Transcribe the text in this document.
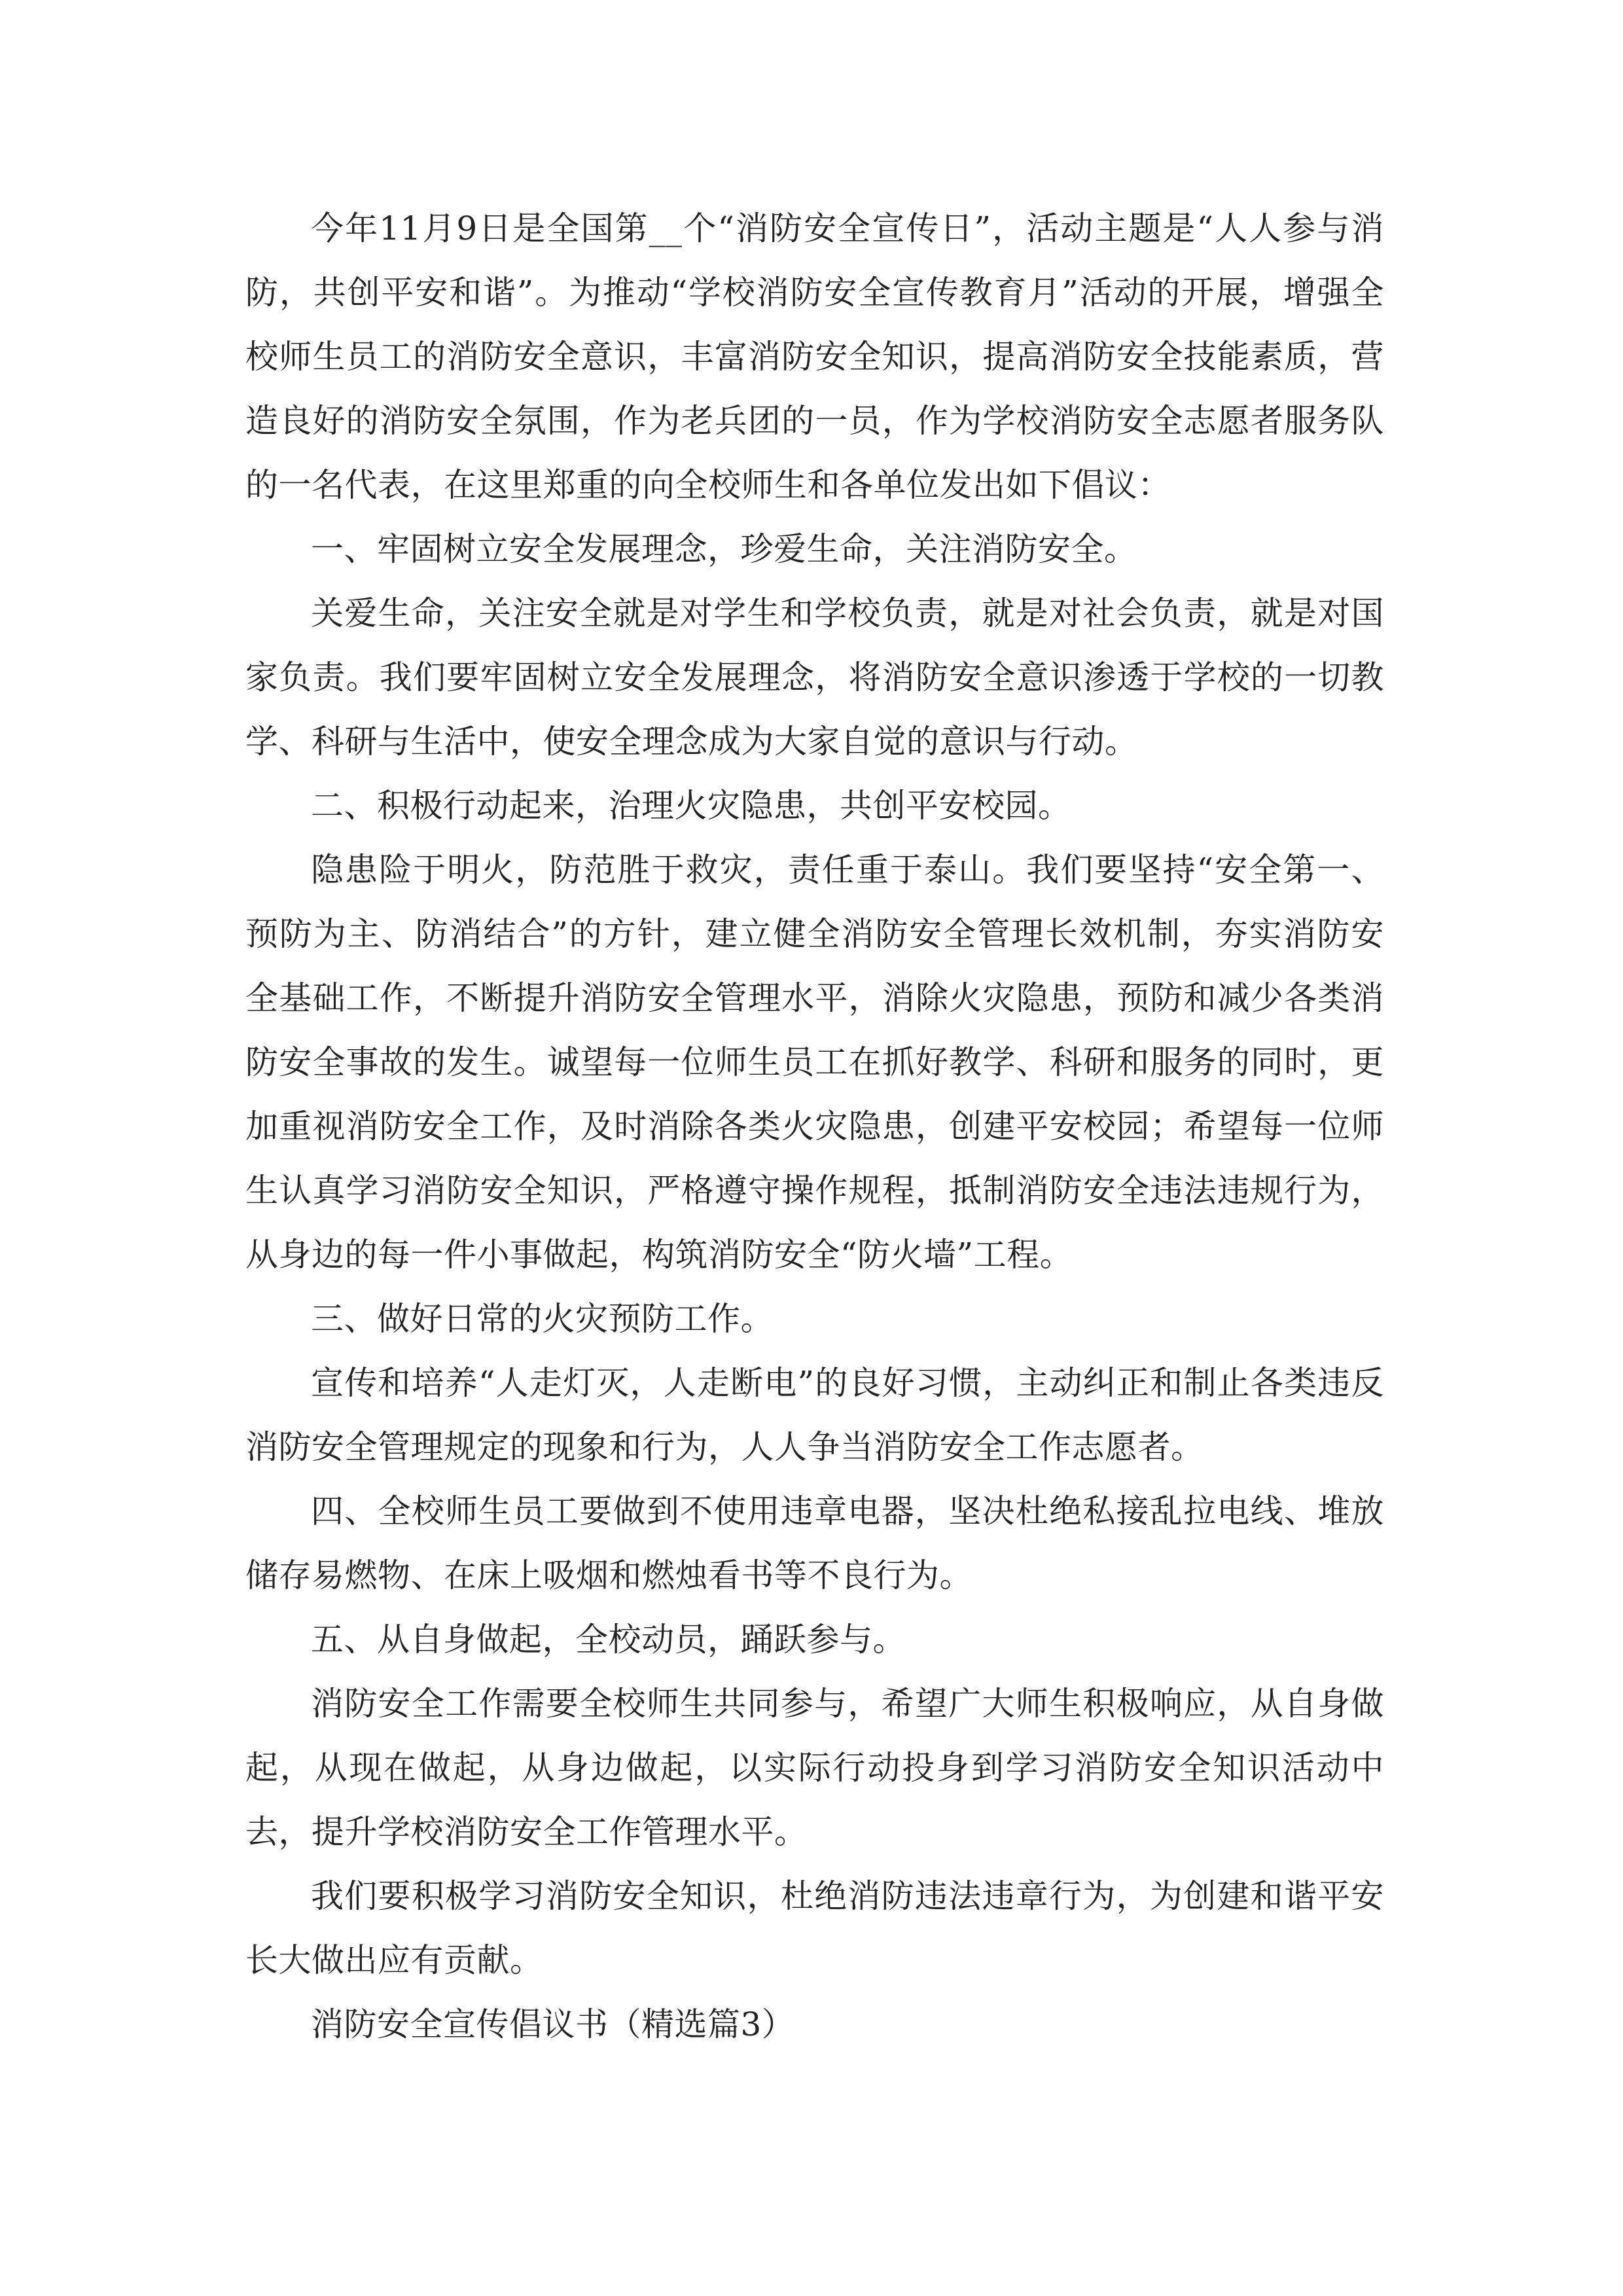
今年11月9日是全国第__个“消防安全宣传日”，活动主题是“人人参与消防，共创平安和谐”。为推动“学校消防安全宣传教育月”活动的开展，增强全校师生员工的消防安全意识，丰富消防安全知识，提高消防安全技能素质，营造良好的消防安全氛围，作为老兵团的一员，作为学校消防安全志愿者服务队的一名代表，在这里郑重的向全校师生和各单位发出如下倡议：

一、牢固树立安全发展理念，珍爱生命，关注消防安全。

关爱生命，关注安全就是对学生和学校负责，就是对社会负责，就是对国家负责。我们要牢固树立安全发展理念，将消防安全意识渗透于学校的一切教学、科研与生活中，使安全理念成为大家自觉的意识与行动。

二、积极行动起来，治理火灾隐患，共创平安校园。

隐患险于明火，防范胜于救灾，责任重于泰山。我们要坚持“安全第一、预防为主、防消结合”的方针，建立健全消防安全管理长效机制，夯实消防安全基础工作，不断提升消防安全管理水平，消除火灾隐患，预防和减少各类消防安全事故的发生。诚望每一位师生员工在抓好教学、科研和服务的同时，更加重视消防安全工作，及时消除各类火灾隐患，创建平安校园；希望每一位师生认真学习消防安全知识，严格遵守操作规程，抵制消防安全违法违规行为，从身边的每一件小事做起，构筑消防安全“防火墙”工程。

三、做好日常的火灾预防工作。

宣传和培养“人走灯灭，人走断电”的良好习惯，主动纠正和制止各类违反消防安全管理规定的现象和行为，人人争当消防安全工作志愿者。

四、全校师生员工要做到不使用违章电器，坚决杜绝私接乱拉电线、堆放储存易燃物、在床上吸烟和燃烛看书等不良行为。

五、从自身做起，全校动员，踊跃参与。

消防安全工作需要全校师生共同参与，希望广大师生积极响应，从自身做起，从现在做起，从身边做起，以实际行动投身到学习消防安全知识活动中去，提升学校消防安全工作管理水平。

我们要积极学习消防安全知识，杜绝消防违法违章行为，为创建和谐平安长大做出应有贡献。

消防安全宣传倡议书（精选篇3）
